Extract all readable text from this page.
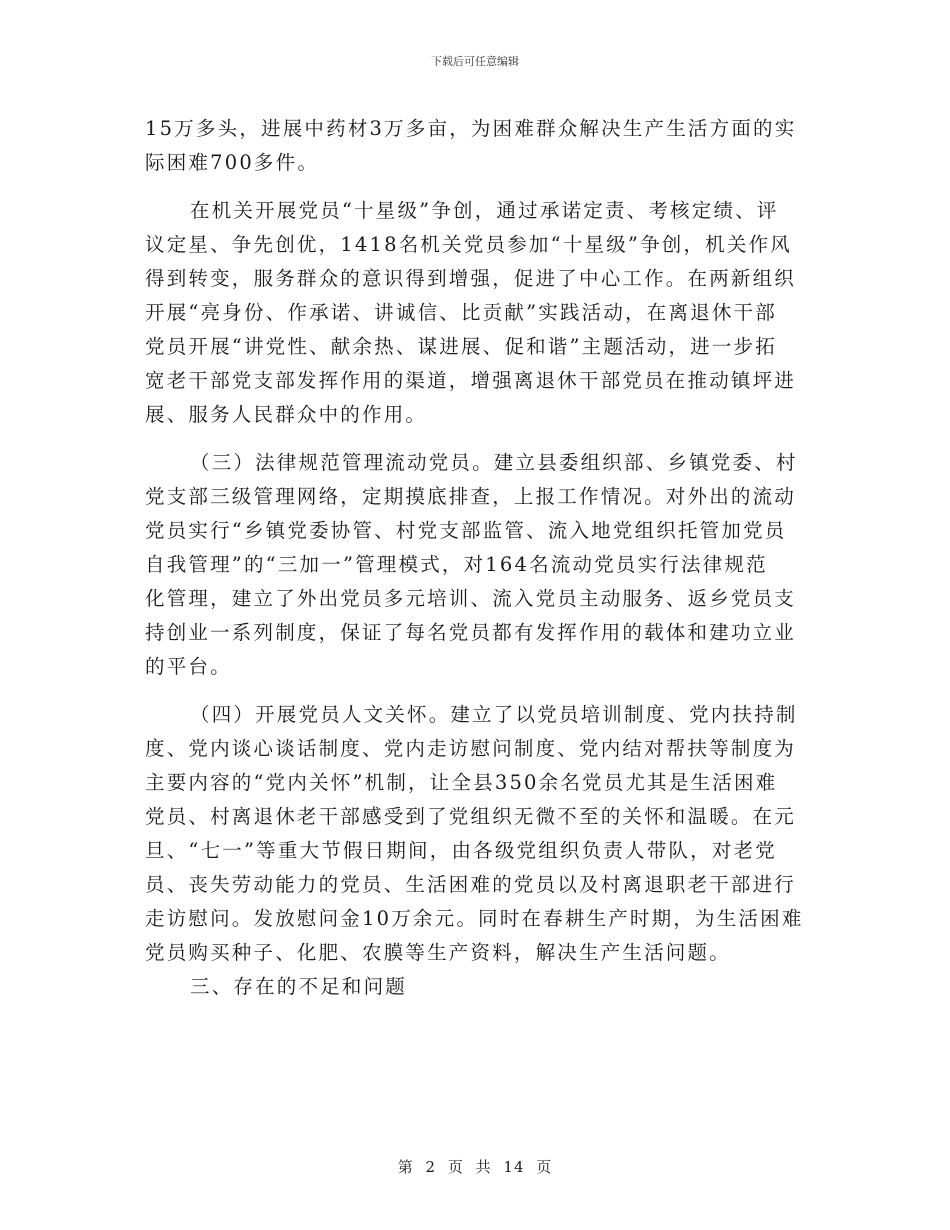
下载后可任意编辑
15万多头，进展中药材3万多亩，为困难群众解决生产生活方面的实
际困难700多件。
在机关开展党员“十星级”争创，通过承诺定责、考核定绩、评
议定星、争先创优，1418名机关党员参加“十星级”争创，机关作风
得到转变，服务群众的意识得到增强，促进了中心工作。在两新组织
开展“亮身份、作承诺、讲诚信、比贡献”实践活动，在离退休干部
党员开展“讲党性、献余热、谋进展、促和谐”主题活动，进一步拓
宽老干部党支部发挥作用的渠道，增强离退休干部党员在推动镇坪进
展、服务人民群众中的作用。
（三）法律规范管理流动党员。建立县委组织部、乡镇党委、村
党支部三级管理网络，定期摸底排查，上报工作情况。对外出的流动
党员实行“乡镇党委协管、村党支部监管、流入地党组织托管加党员
自我管理”的“三加一”管理模式，对164名流动党员实行法律规范
化管理，建立了外出党员多元培训、流入党员主动服务、返乡党员支
持创业一系列制度，保证了每名党员都有发挥作用的载体和建功立业
的平台。
（四）开展党员人文关怀。建立了以党员培训制度、党内扶持制
度、党内谈心谈话制度、党内走访慰问制度、党内结对帮扶等制度为
主要内容的“党内关怀”机制，让全县350余名党员尤其是生活困难
党员、村离退休老干部感受到了党组织无微不至的关怀和温暖。在元
旦、“七一”等重大节假日期间，由各级党组织负责人带队，对老党
员、丧失劳动能力的党员、生活困难的党员以及村离退职老干部进行
走访慰问。发放慰问金10万余元。同时在春耕生产时期，为生活困难
党员购买种子、化肥、农膜等生产资料，解决生产生活问题。
三、存在的不足和问题
第 2 页 共 14 页
